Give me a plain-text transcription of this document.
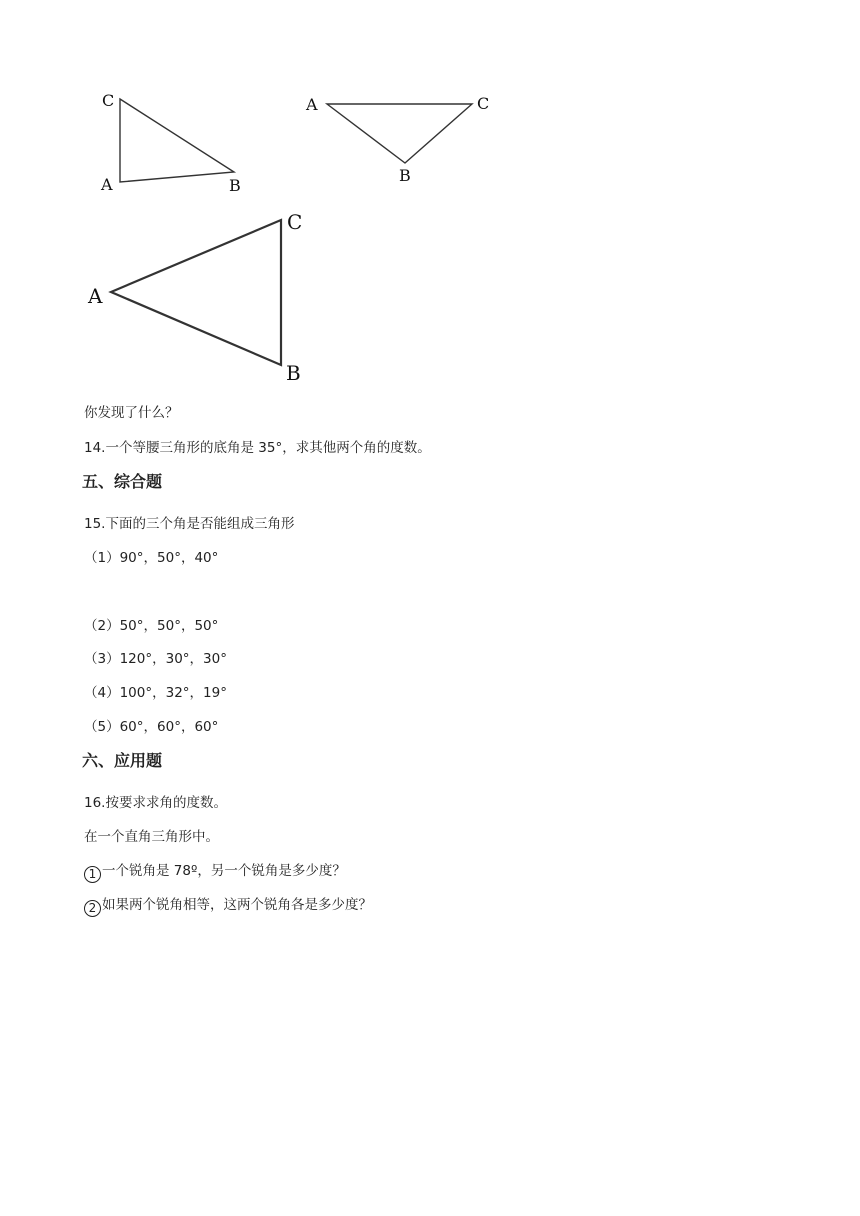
C
A	B
A	C
B
A
C
B
你发现了什么？
14.一个等腰三角形的底角是 35°，求其他两个角的度数。
五、综合题
15.下面的三个角是否能组成三角形
（1）90°，50°，40°
（2）50°，50°，50°
（3）120°，30°，30°
（4）100°，32°，19°
（5）60°，60°，60°
六、应用题
16.按要求求角的度数。
在一个直角三角形中。
1 一个锐角是 78º，另一个锐角是多少度？
2 如果两个锐角相等，这两个锐角各是多少度？
